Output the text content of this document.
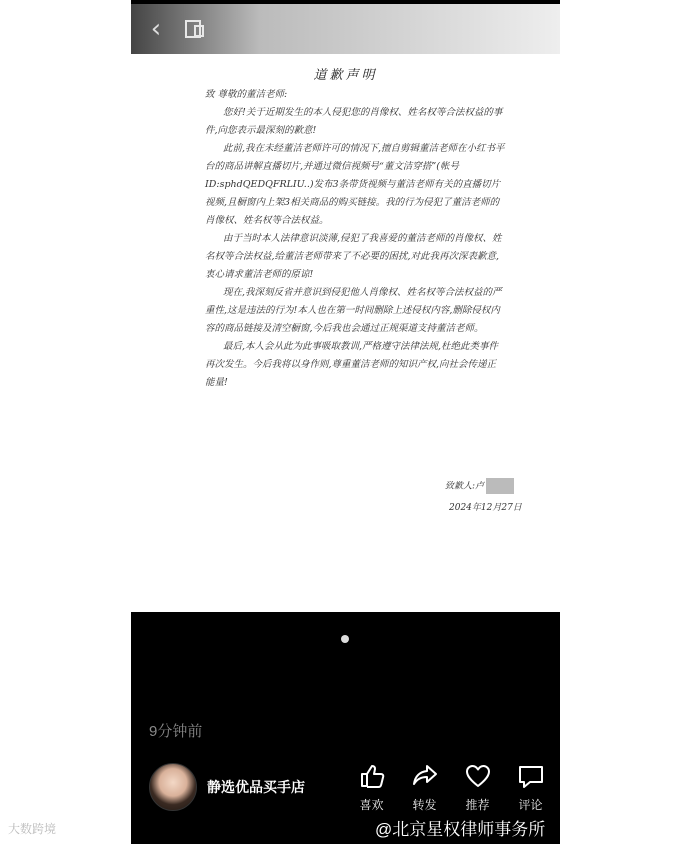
‹
道歉声明

致 尊敬的董洁老师:

您好!关于近期发生的本人侵犯您的肖像权、姓名权等合法权益的事件,向您表示最深刻的歉意!

此前,我在未经董洁老师许可的情况下,擅自剪辑董洁老师在小红书平台的商品讲解直播切片,并通过微信视频号“董文洁穿搭”(帐号ID:sphdQEDQFRLIU..)发布3条带货视频与董洁老师有关的直播切片视频,且橱窗内上架3相关商品的购买链接。我的行为侵犯了董洁老师的肖像权、姓名权等合法权益。

由于当时本人法律意识淡薄,侵犯了我喜爱的董洁老师的肖像权、姓名权等合法权益,给董洁老师带来了不必要的困扰,对此我再次深表歉意,衷心请求董洁老师的原谅!

现在,我深刻反省并意识到侵犯他人肖像权、姓名权等合法权益的严重性,这是违法的行为!本人也在第一时间删除上述侵权内容,删除侵权内容的商品链接及清空橱窗,今后我也会通过正规渠道支持董洁老师。

最后,本人会从此为此事吸取教训,严格遵守法律法规,杜绝此类事件再次发生。今后我将以身作则,尊重董洁老师的知识产权,向社会传递正能量!

致歉人:卢
2024年12月27日
9分钟前
静选优品买手店
喜欢	转发	推荐	评论
@北京星权律师事务所
大数跨境
